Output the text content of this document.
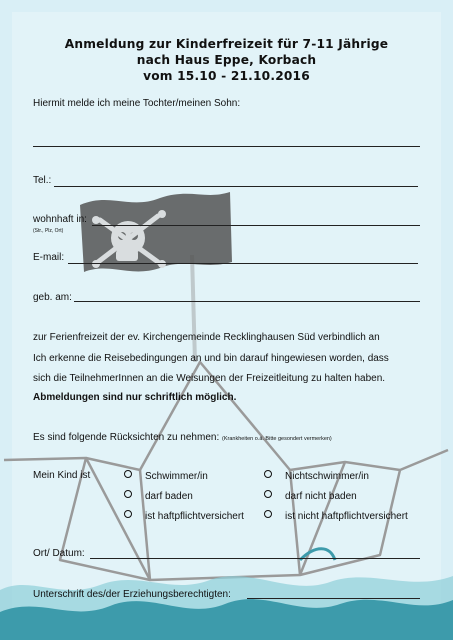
Anmeldung zur Kinderfreizeit für 7-11 Jährige
nach Haus Eppe, Korbach
vom 15.10 - 21.10.2016
Hiermit melde ich meine Tochter/meinen Sohn:
Tel.:
wohnhaft in:
(Str., Plz, Ort)
E-mail:
geb. am:
zur Ferienfreizeit der ev. Kirchengemeinde Recklinghausen Süd verbindlich an
Ich erkenne die Reisebedingungen an und bin darauf hingewiesen worden, dass
sich die TeilnehmerInnen an die Weisungen der Freizeitleitung zu halten haben.
Abmeldungen sind nur schriftlich möglich.
Es sind folgende Rücksichten zu nehmen: (Krankheiten o.ä. Bitte gesondert vermerken)
Mein Kind ist	Schwimmer/in
darf baden
ist haftpflichtversichert
Nichtschwimmer/in
darf nicht baden
ist nicht haftpflichtversichert
Ort/ Datum:
Unterschrift des/der Erziehungsberechtigten:
